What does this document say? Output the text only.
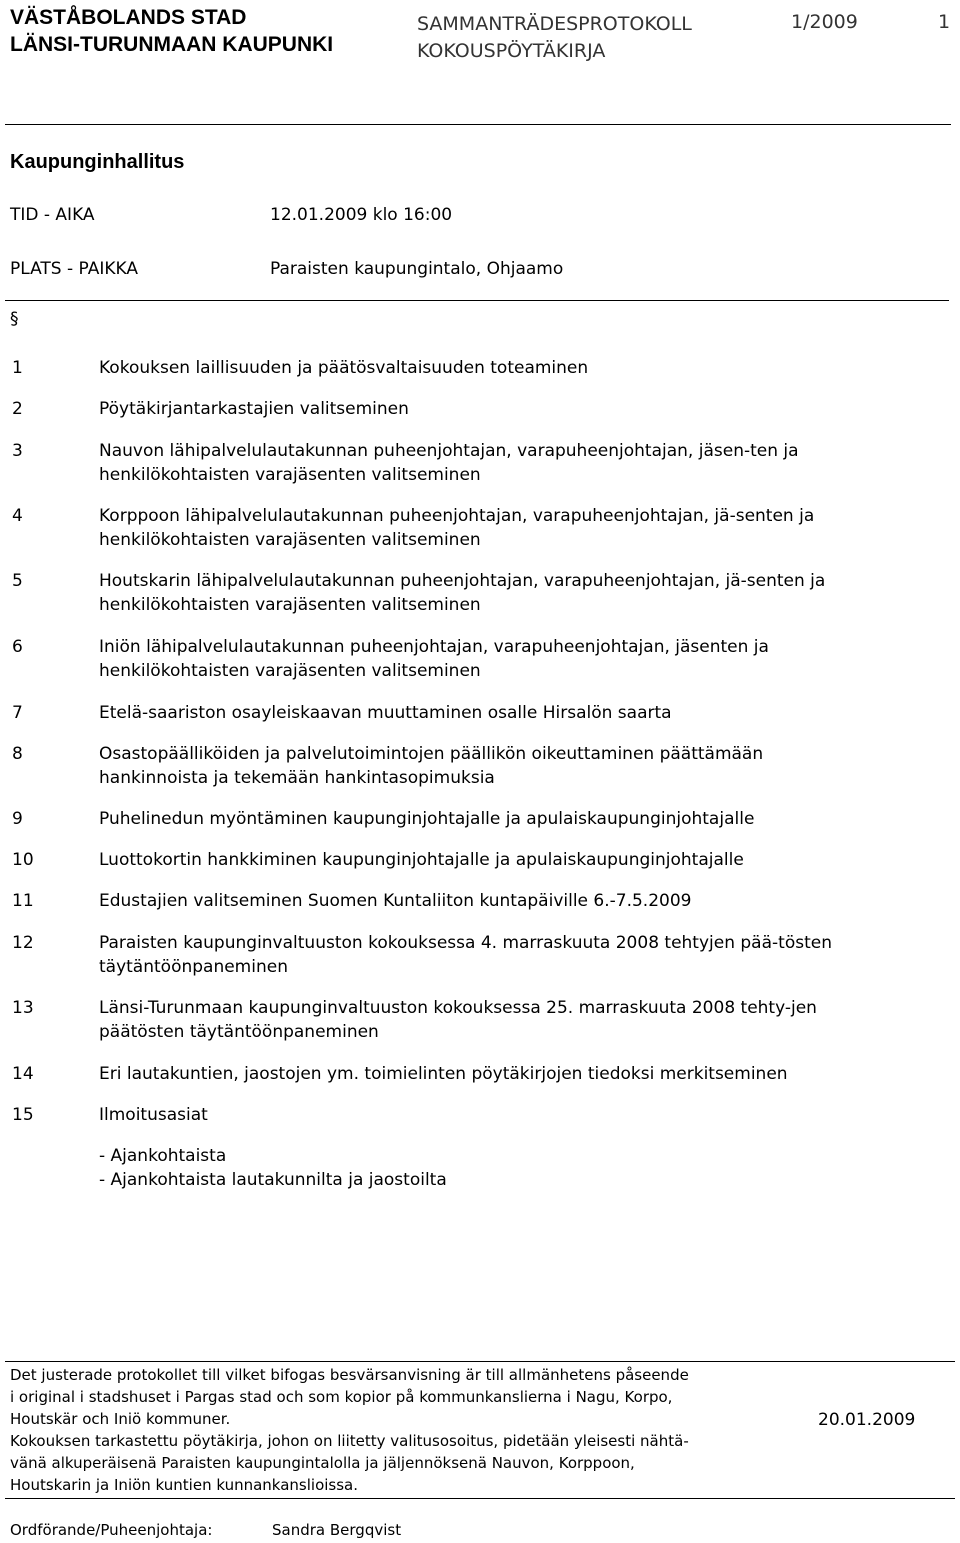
VÄSTÅBOLANDS STAD
LÄNSI-TURUNMAAN KAUPUNKI
SAMMANTRÄDESPROTOKOLL
KOKOUSPÖYTÄKIRJA
1/2009	1
Kaupunginhallitus
TID - AIKA	12.01.2009 klo 16:00
PLATS - PAIKKA	Paraisten kaupungintalo, Ohjaamo
§
1	Kokouksen laillisuuden ja päätösvaltaisuuden toteaminen
2	Pöytäkirjantarkastajien valitseminen
3	Nauvon lähipalvelulautakunnan puheenjohtajan, varapuheenjohtajan, jäsen-ten ja henkilökohtaisten varajäsenten valitseminen
4	Korppoon lähipalvelulautakunnan puheenjohtajan, varapuheenjohtajan, jä-senten ja henkilökohtaisten varajäsenten valitseminen
5	Houtskarin lähipalvelulautakunnan puheenjohtajan, varapuheenjohtajan, jä-senten ja henkilökohtaisten varajäsenten valitseminen
6	Iniön lähipalvelulautakunnan puheenjohtajan, varapuheenjohtajan, jäsenten ja henkilökohtaisten varajäsenten valitseminen
7	Etelä-saariston osayleiskaavan muuttaminen osalle Hirsalön saarta
8	Osastopäälliköiden ja palvelutoimintojen päällikön oikeuttaminen päättämään hankinnoista ja tekemään hankintasopimuksia
9	Puhelinedun myöntäminen kaupunginjohtajalle ja apulaiskaupunginjohtajalle
10	Luottokortin hankkiminen kaupunginjohtajalle ja apulaiskaupunginjohtajalle
11	Edustajien valitseminen Suomen Kuntaliiton kuntapäiville 6.-7.5.2009
12	Paraisten kaupunginvaltuuston kokouksessa 4. marraskuuta 2008 tehtyjen pää-tösten täytäntöönpaneminen
13	Länsi-Turunmaan kaupunginvaltuuston kokouksessa 25. marraskuuta 2008 tehty-jen päätösten täytäntöönpaneminen
14	Eri lautakuntien, jaostojen ym. toimielinten pöytäkirjojen tiedoksi merkitseminen
15	Ilmoitusasiat
- Ajankohtaista
- Ajankohtaista lautakunnilta ja jaostoilta
Det justerade protokollet till vilket bifogas besvärsanvisning är till allmänhetens påseende
i original i stadshuset i Pargas stad och som kopior på kommunkanslierna i Nagu, Korpo,
Houtskär och Iniö kommuner.
Kokouksen tarkastettu pöytäkirja, johon on liitetty valitusosoitus, pidetään yleisesti nähtä-
vänä alkuperäisenä Paraisten kaupungintalolla ja jäljennöksenä Nauvon, Korppoon,
Houtskarin ja Iniön kuntien kunnankanslioissa.
20.01.2009
Ordförande/Puheenjohtaja:	Sandra Bergqvist
